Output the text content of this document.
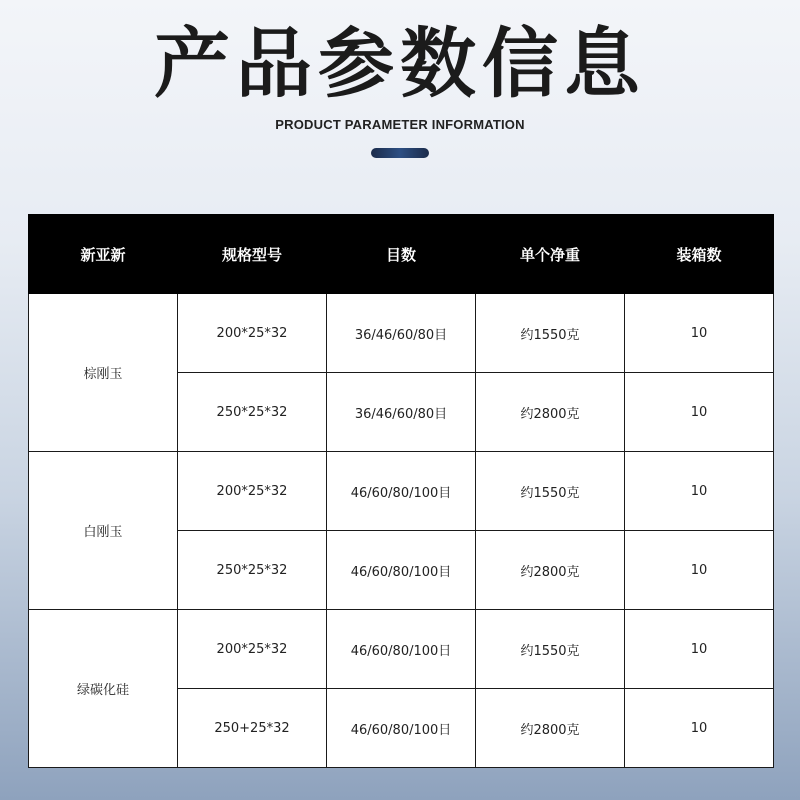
产品参数信息
PRODUCT PARAMETER INFORMATION
新亚新	规格型号	目数	单个净重	装箱数
棕刚玉	200*25*32	36/46/60/80目	约1550克	10
	250*25*32	36/46/60/80目	约2800克	10
白刚玉	200*25*32	46/60/80/100目	约1550克	10
	250*25*32	46/60/80/100目	约2800克	10
绿碳化硅	200*25*32	46/60/80/100日	约1550克	10
	250+25*32	46/60/80/100日	约2800克	10
